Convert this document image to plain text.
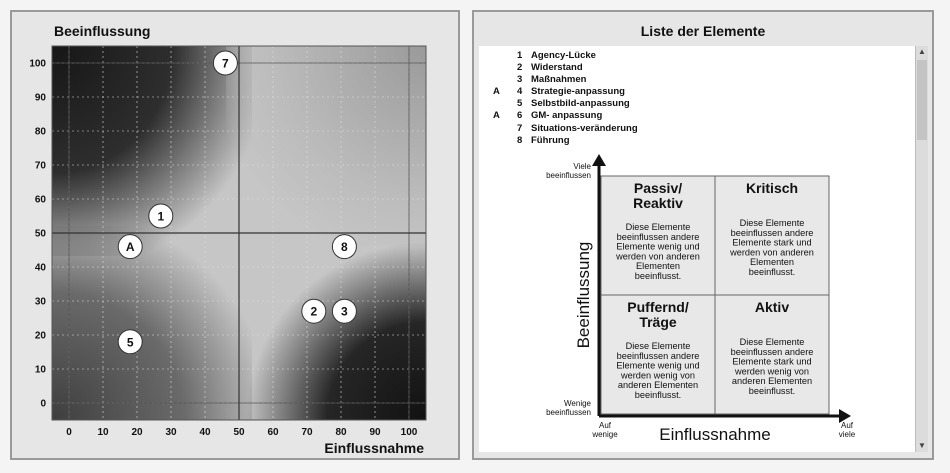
Beeinflussung
Einflussnahme
0	10 20 30 40 50 60 70 80 90 100
0
10
20
30
40
50
60
70
80
90
100	7
1
A	8
2 3
5
Liste der Elemente
1 Agency-Lücke
2 Widerstand
3 Maßnahmen
A 4 Strategie-anpassung
5 Selbstbild-anpassung
A 6 GM- anpassung
7 Situations-veränderung
8 Führung
Passiv/
Reaktiv
Diese Elemente
beeinflussen andere
Elemente wenig und
werden von anderen
Elementen
beeinflusst.
Kritisch
Diese Elemente
beeinflussen andere
Elemente stark und
werden von anderen
Elementen
beeinflusst.
Puffernd/
Träge
Diese Elemente
beeinflussen andere
Elemente wenig und
werden wenig von
anderen Elementen
beeinflusst.
Aktiv
Diese Elemente
beeinflussen andere
Elemente stark und
werden wenig von
anderen Elementen
beeinflusst.
Beeinflussung
Einflussnahme
Viele
beeinflussen
Wenige
beeinflussen
Auf
wenige
Auf
viele
▲
▼
